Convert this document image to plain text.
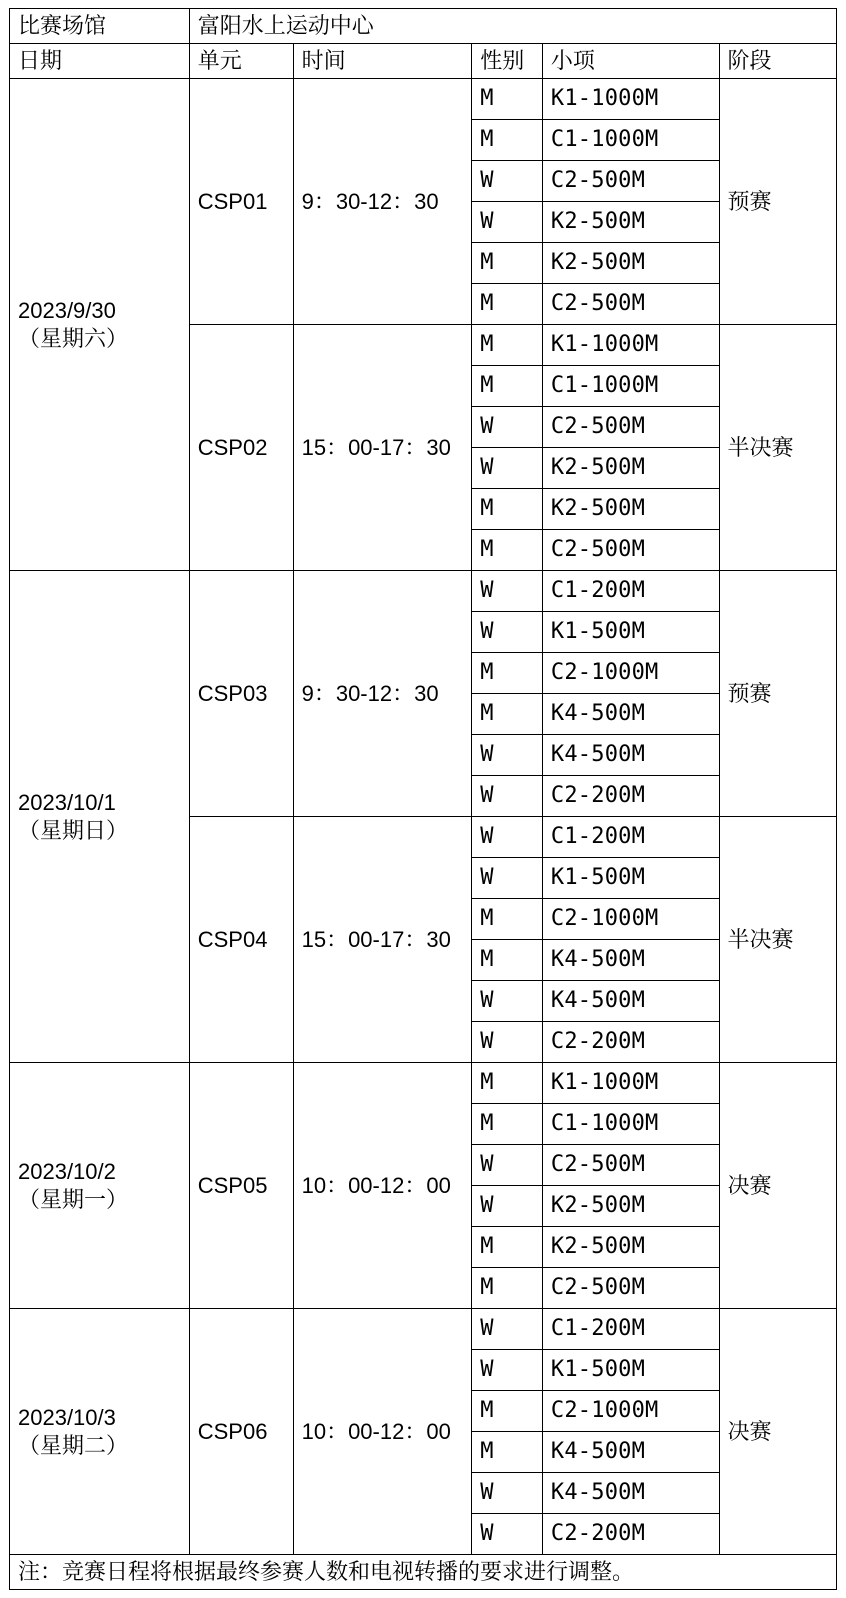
比赛场馆	富阳水上运动中心				
日期	单元	时间	性别	小项	阶段
2023/9/30
（星期六）	CSP01	9：30-12：30	M	K1-1000M	预赛
			M	C1-1000M	
			W	C2-500M	
			W	K2-500M	
			M	K2-500M	
			M	C2-500M	
	CSP02	15：00-17：30	M	K1-1000M	半决赛
			M	C1-1000M	
			W	C2-500M	
			W	K2-500M	
			M	K2-500M	
			M	C2-500M	
2023/10/1
（星期日）	CSP03	9：30-12：30	W	C1-200M	预赛
			W	K1-500M	
			M	C2-1000M	
			M	K4-500M	
			W	K4-500M	
			W	C2-200M	
	CSP04	15：00-17：30	W	C1-200M	半决赛
			W	K1-500M	
			M	C2-1000M	
			M	K4-500M	
			W	K4-500M	
			W	C2-200M	
2023/10/2
（星期一）	CSP05	10：00-12：00	M	K1-1000M	决赛
			M	C1-1000M	
			W	C2-500M	
			W	K2-500M	
			M	K2-500M	
			M	C2-500M	
2023/10/3
（星期二）	CSP06	10：00-12：00	W	C1-200M	决赛
			W	K1-500M	
			M	C2-1000M	
			M	K4-500M	
			W	K4-500M	
			W	C2-200M	
注：竞赛日程将根据最终参赛人数和电视转播的要求进行调整。					
